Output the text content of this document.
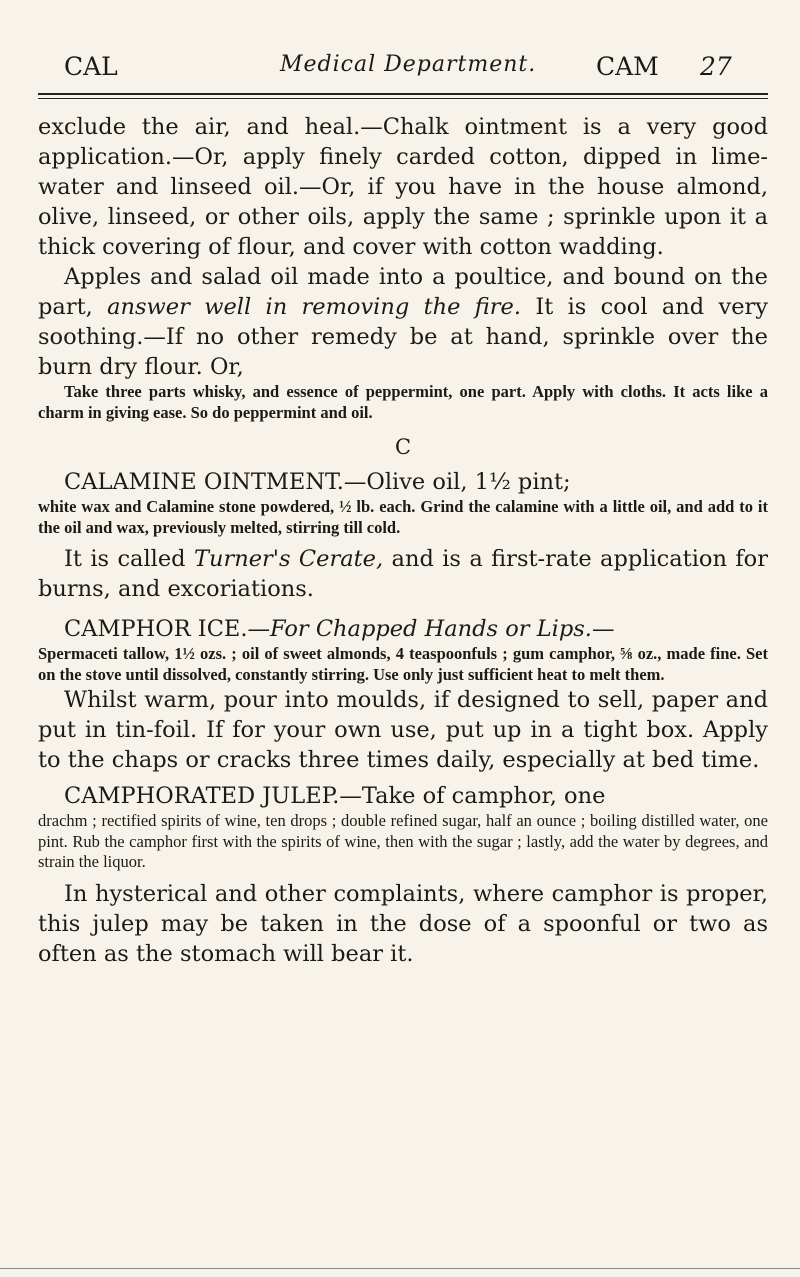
CAL	Medical Department. CAM 27

exclude the air, and heal.—Chalk ointment is a very good application.—Or, apply finely carded cotton, dipped in lime-water and linseed oil.—Or, if you have in the house almond, olive, linseed, or other oils, apply the same ; sprinkle upon it a thick covering of flour, and cover with cotton wadding.

Apples and salad oil made into a poultice, and bound on the part, answer well in removing the fire. It is cool and very soothing.—If no other remedy be at hand, sprinkle over the burn dry flour. Or,

Take three parts whisky, and essence of peppermint, one part. Apply with cloths. It acts like a charm in giving ease. So do peppermint and oil.

C

CALAMINE OINTMENT.—Olive oil, 1½ pint;

white wax and Calamine stone powdered, ½ lb. each. Grind the calamine with a little oil, and add to it the oil and wax, previously melted, stirring till cold.

It is called Turner's Cerate, and is a first-rate application for burns, and excoriations.

CAMPHOR ICE.—For Chapped Hands or Lips.—

Spermaceti tallow, 1½ ozs. ; oil of sweet almonds, 4 teaspoonfuls ; gum camphor, ⅝ oz., made fine. Set on the stove until dissolved, constantly stirring. Use only just sufficient heat to melt them.

Whilst warm, pour into moulds, if designed to sell, paper and put in tin-foil. If for your own use, put up in a tight box. Apply to the chaps or cracks three times daily, especially at bed time.

CAMPHORATED JULEP.—Take of camphor, one

drachm ; rectified spirits of wine, ten drops ; double refined sugar, half an ounce ; boiling distilled water, one pint. Rub the camphor first with the spirits of wine, then with the sugar ; lastly, add the water by degrees, and strain the liquor.

In hysterical and other complaints, where camphor is proper, this julep may be taken in the dose of a spoonful or two as often as the stomach will bear it.
